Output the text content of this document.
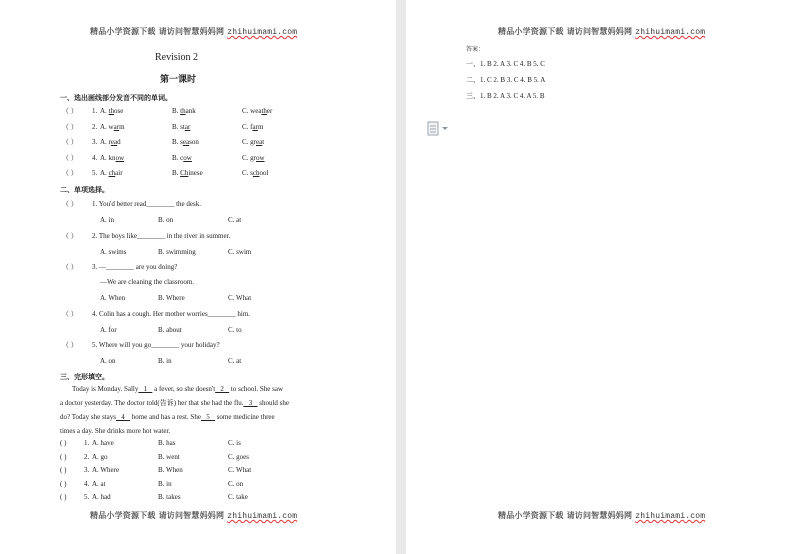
精品小学资源下载 请访问智慧妈妈网 zhihuimami.com
Revision 2
第一课时
一、选出画线部分发音不同的单词。
二、单项选择。
三、完形填空。
精品小学资源下载 请访问智慧妈妈网 zhihuimami.com
（ ） 1. A. those	B. thank	C. weather
（ ） 2. A. warm	B. star	C. farm
（ ） 3. A. read	B. season	C. great
（ ） 4. A. know	B. cow	C. grow
（ ） 5. A. chair	B. Chinese	C. school
（ ） 1. You'd better read________ the desk.
A. in	B. on	C. at
（ ） 2. The boys like________ in the river in summer.
A. swims	B. swimming	C. swim
（ ） 3. —________ are you doing?
—We are cleaning the classroom.
A. When	B. Where	C. What
（ ） 4. Colin has a cough. Her mother worries________ him.
A. for	B. about	C. to
（ ） 5. Where will you go________ your holiday?
A. on	B. in	C. at
Today is Monday. Sally   1    a fever, so she doesn't   2    to school. She saw
a doctor yesterday. The doctor told(告诉) her that she had the flu.   3    should she
do? Today she stays   4    home and has a rest. She   5    some medicine three
times a day. She drinks more hot water.
( )	1. A. have	B. has	C. is
( )	2. A. go	B. went	C. goes
( )	3. A. Where	B. When	C. What
( )	4. A. at	B. in	C. on
( )	5. A. had	B. takes	C. take
精品小学资源下载 请访问智慧妈妈网 zhihuimami.com
答案：
一、1. B 2. A 3. C 4. B 5. C
二、1. C 2. B 3. C 4. B 5. A
三、1. B 2. A 3. C 4. A 5. B
精品小学资源下载 请访问智慧妈妈网 zhihuimami.com
